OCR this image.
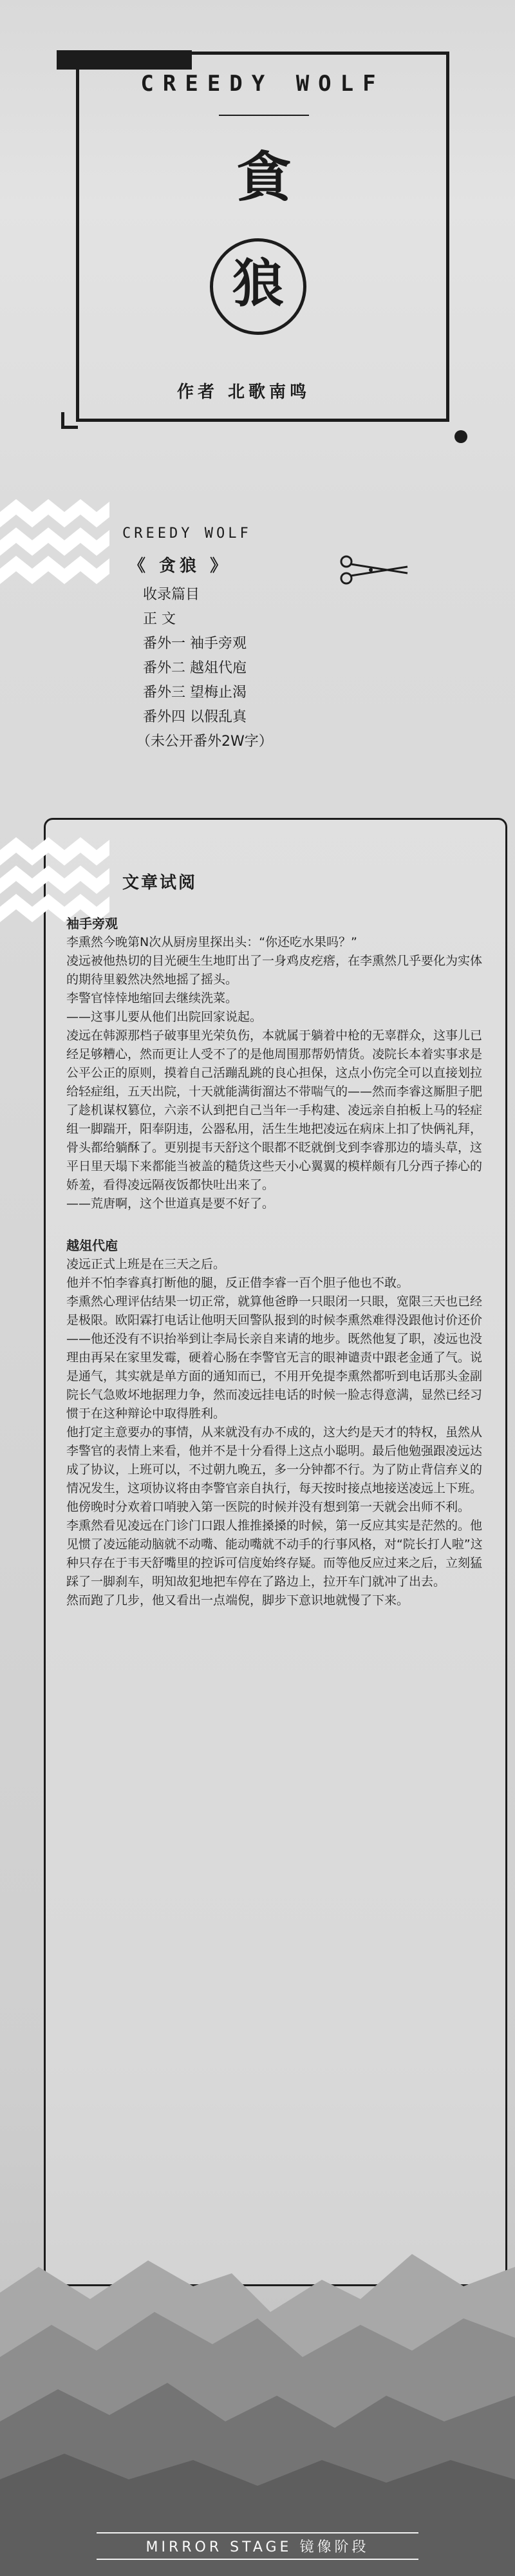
CREEDY WOLF
貪
狼
作者 北歌南鸣
CREEDY WOLF
《 贪狼 》
收录篇目
正 文
番外一 袖手旁观
番外二 越俎代庖
番外三 望梅止渴
番外四 以假乱真
（未公开番外2W字）
文章试阅

袖手旁观

李熏然今晚第N次从厨房里探出头：“你还吃水果吗？”

凌远被他热切的目光硬生生地盯出了一身鸡皮疙瘩，在李熏然几乎要化为实体的期待里毅然决然地摇了摇头。

李警官悻悻地缩回去继续洗菜。

——这事儿要从他们出院回家说起。

凌远在韩源那档子破事里光荣负伤，本就属于躺着中枪的无辜群众，这事儿已经足够糟心，然而更让人受不了的是他周围那帮奶情货。凌院长本着实事求是公平公正的原则，摸着自己活蹦乱跳的良心担保，这点小伤完全可以直接划拉给轻症组，五天出院，十天就能满街溜达不带喘气的——然而李睿这厮胆子肥了趁机谋权篡位，六亲不认到把自己当年一手构建、凌远亲自拍板上马的轻症组一脚踹开，阳奉阴违，公器私用，活生生地把凌远在病床上扣了快俩礼拜，骨头都给躺酥了。更别提韦天舒这个眼都不眨就倒戈到李睿那边的墙头草，这平日里天塌下来都能当被盖的糙货这些天小心翼翼的模样颇有几分西子捧心的娇羞，看得凌远隔夜饭都快吐出来了。

——荒唐啊，这个世道真是要不好了。

越俎代庖

凌远正式上班是在三天之后。

他并不怕李睿真打断他的腿，反正借李睿一百个胆子他也不敢。

李熏然心理评估结果一切正常，就算他爸睁一只眼闭一只眼，宽限三天也已经是极限。欧阳霖打电话让他明天回警队报到的时候李熏然难得没跟他讨价还价——他还没有不识抬举到让李局长亲自来请的地步。既然他复了职，凌远也没理由再呆在家里发霉，硬着心肠在李警官无言的眼神谴责中跟老金通了气。说是通气，其实就是单方面的通知而已，不用开免提李熏然都听到电话那头金副院长气急败坏地据理力争，然而凌远挂电话的时候一脸志得意满，显然已经习惯于在这种辩论中取得胜利。

他打定主意要办的事情，从来就没有办不成的，这大约是天才的特权，虽然从李警官的表情上来看，他并不是十分看得上这点小聪明。最后他勉强跟凌远达成了协议，上班可以，不过朝九晚五，多一分钟都不行。为了防止背信弃义的情况发生，这项协议将由李警官亲自执行，每天按时接点地接送凌远上下班。

他傍晚时分欢着口哨驶入第一医院的时候并没有想到第一天就会出师不利。

李熏然看见凌远在门诊门口跟人推推搡搡的时候，第一反应其实是茫然的。他见惯了凌远能动脑就不动嘴、能动嘴就不动手的行事风格，对“院长打人啦”这种只存在于韦天舒嘴里的控诉可信度始终存疑。而等他反应过来之后，立刻猛踩了一脚刹车，明知故犯地把车停在了路边上，拉开车门就冲了出去。

然而跑了几步，他又看出一点端倪，脚步下意识地就慢了下来。

MIRROR STAGE 镜像阶段
